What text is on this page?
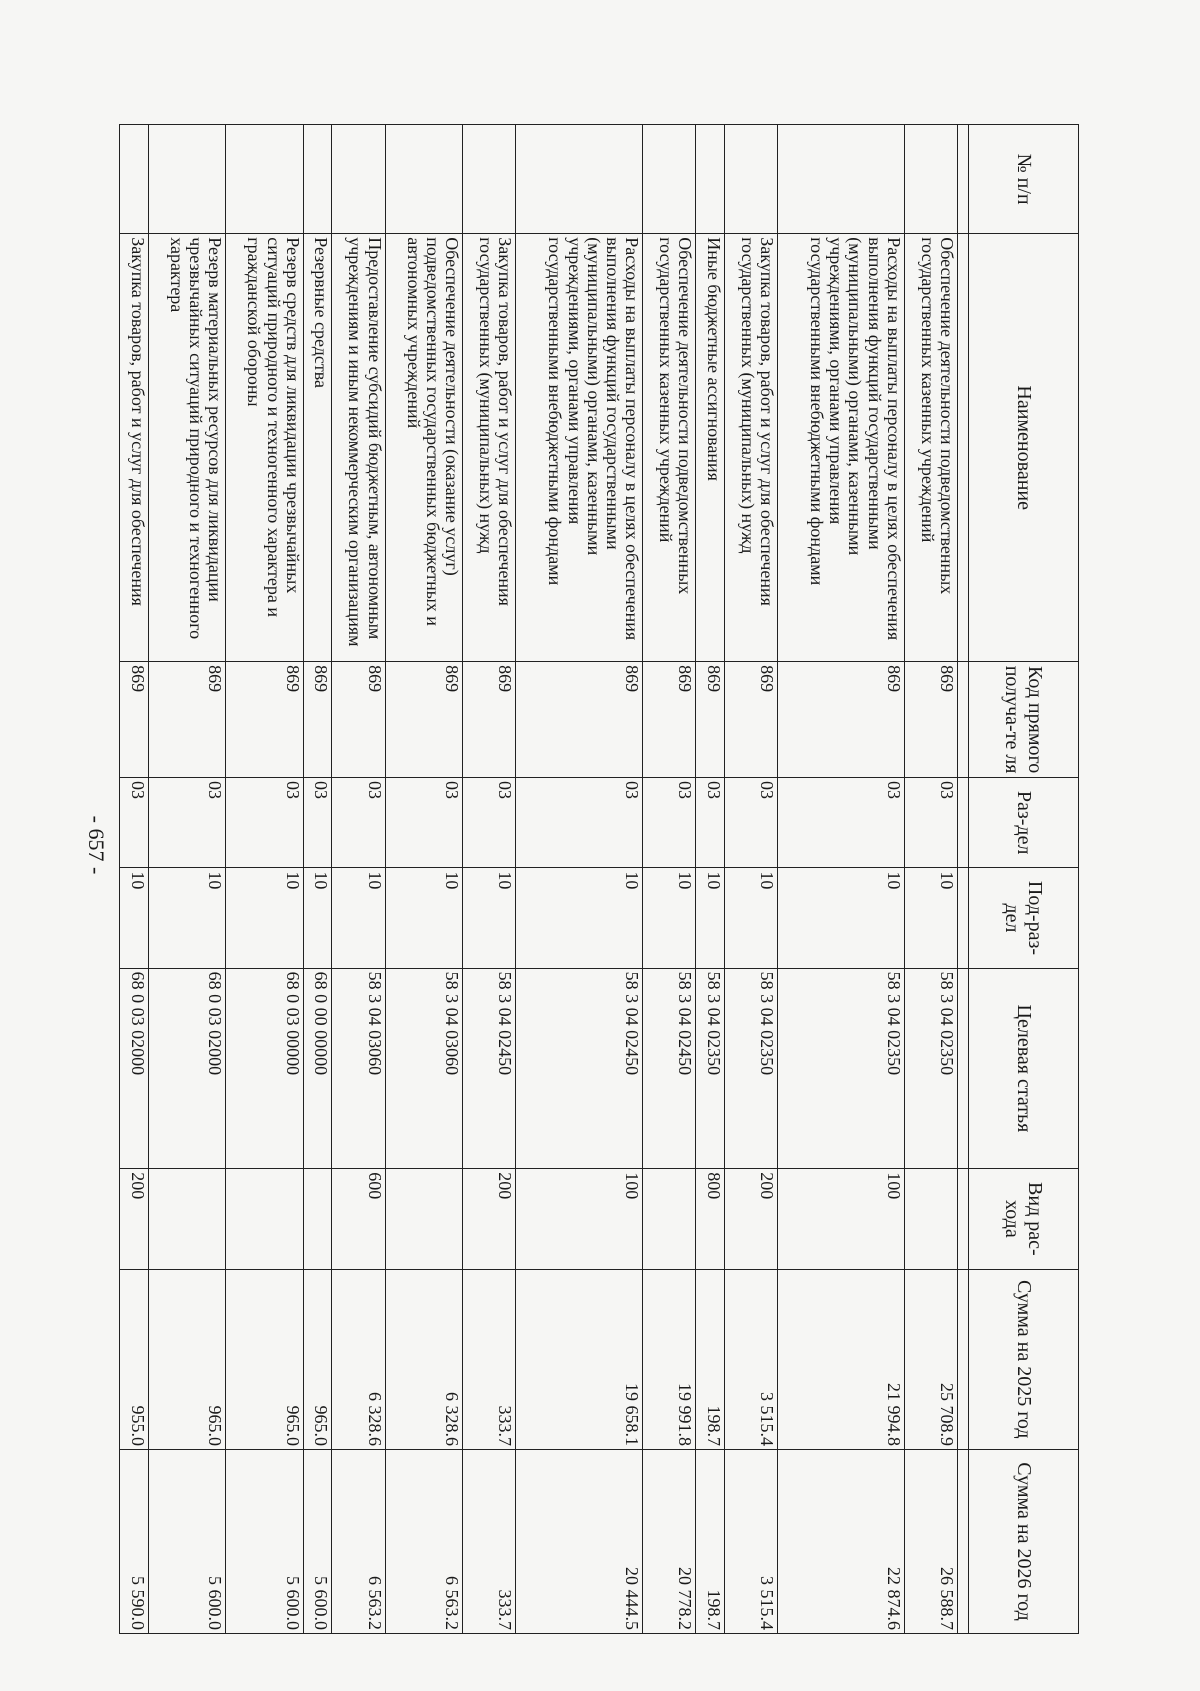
- 657 -
№ п/п	Наименование	Код прямого получа-те ля	Раз-дел	Под-раз-дел	Целевая статья	Вид рас-хода	Сумма на 2025 год	Сумма на 2026 год

	Обеспечение деятельности подведомственных государственных казенных учреждений	869	03	10	58 3 04 02350		25 708.9	26 588.7
	Расходы на выплаты персоналу в целях обеспечения выполнения функций государственными (муниципальными) органами, казенными учреждениями, органами управления государственными внебюджетными фондами	869	03	10	58 3 04 02350	100	21 994.8	22 874.6
	Закупка товаров, работ и услуг для обеспечения государственных (муниципальных) нужд	869	03	10	58 3 04 02350	200	3 515.4	3 515.4
	Иные бюджетные ассигнования	869	03	10	58 3 04 02350	800	198.7	198.7
	Обеспечение деятельности подведомственных государственных казенных учреждений	869	03	10	58 3 04 02450		19 991.8	20 778.2
	Расходы на выплаты персоналу в целях обеспечения выполнения функций государственными (муниципальными) органами, казенными учреждениями, органами управления государственными внебюджетными фондами	869	03	10	58 3 04 02450	100	19 658.1	20 444.5
	Закупка товаров, работ и услуг для обеспечения государственных (муниципальных) нужд	869	03	10	58 3 04 02450	200	333.7	333.7
	Обеспечение деятельности (оказание услуг) подведомственных государственных бюджетных и автономных учреждений	869	03	10	58 3 04 03060		6 328.6	6 563.2
	Предоставление субсидий бюджетным, автономным учреждениям и иным некоммерческим организациям	869	03	10	58 3 04 03060	600	6 328.6	6 563.2
	Резервные средства	869	03	10	68 0 00 00000		965.0	5 600.0
	Резерв средств для ликвидации чрезвычайных ситуаций природного и техногенного характера и гражданской обороны	869	03	10	68 0 03 00000		965.0	5 600.0
	Резерв материальных ресурсов для ликвидации чрезвычайных ситуаций природного и техногенного характера	869	03	10	68 0 03 02000		965.0	5 600.0
	Закупка товаров, работ и услуг для обеспечения	869	03	10	68 0 03 02000	200	955.0	5 590.0
